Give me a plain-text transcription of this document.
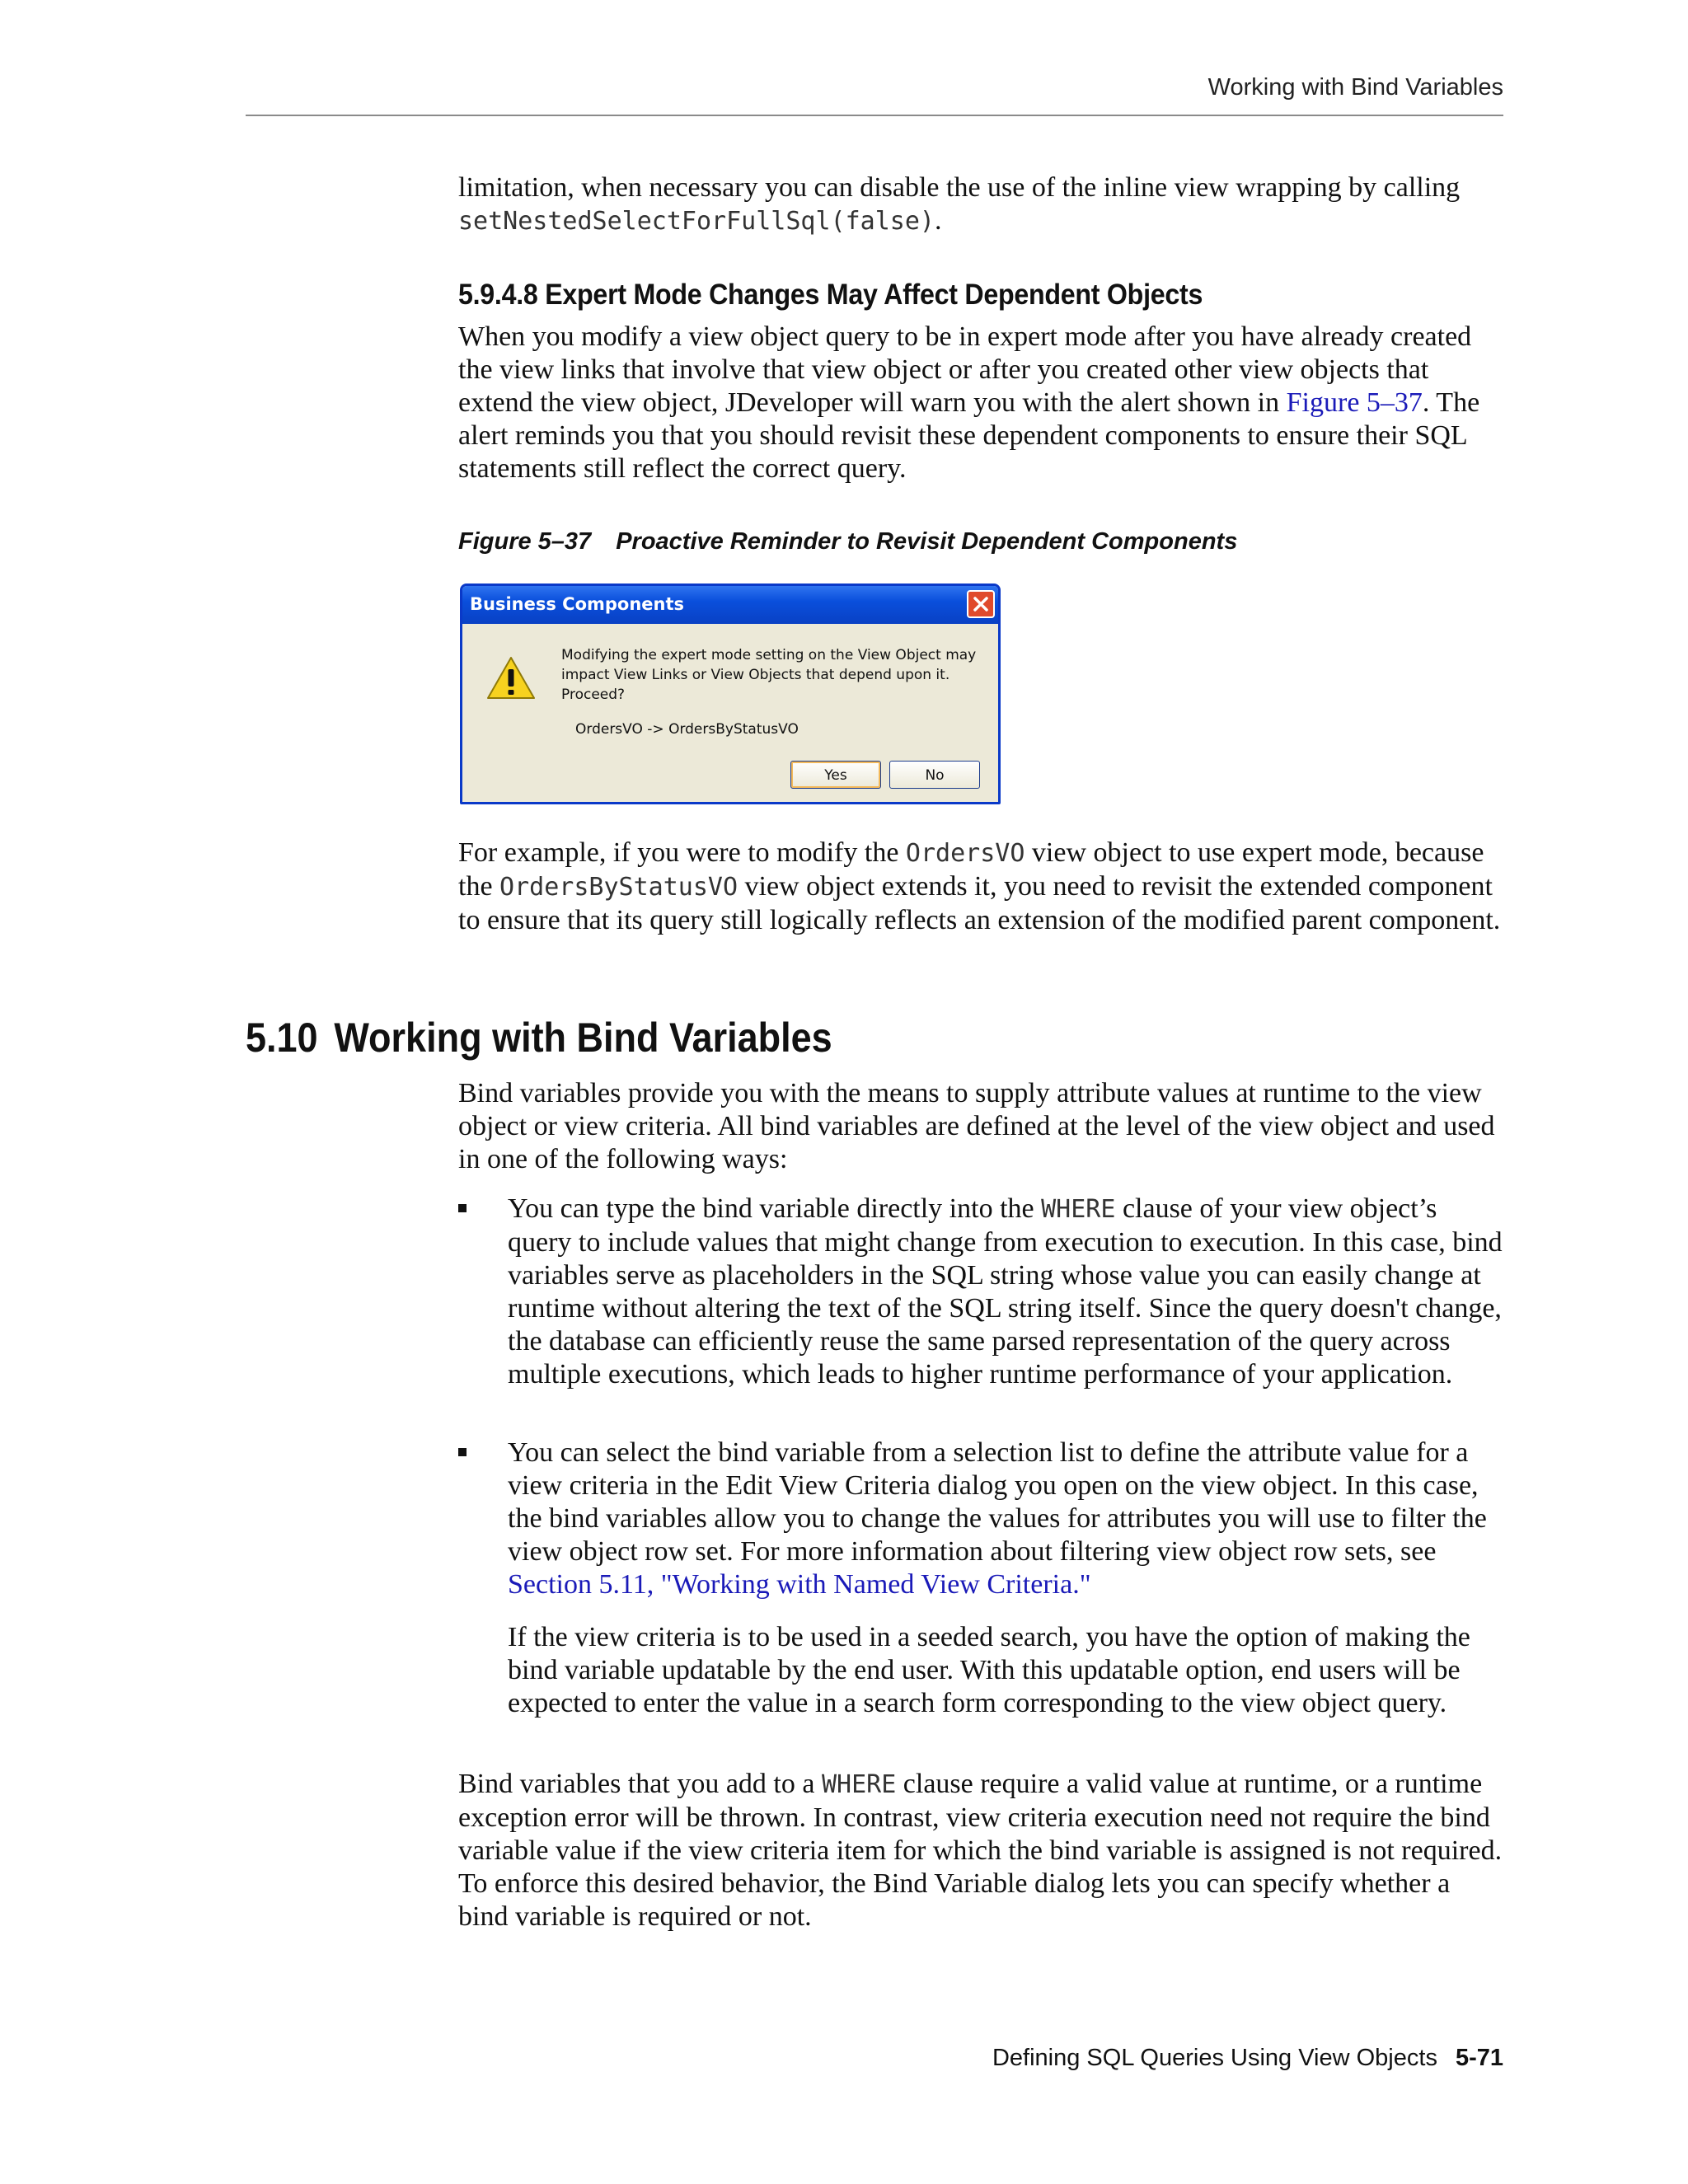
Working with Bind Variables

limitation, when necessary you can disable the use of the inline view wrapping by calling setNestedSelectForFullSql(false).

5.9.4.8 Expert Mode Changes May Affect Dependent Objects

When you modify a view object query to be in expert mode after you have already created the view links that involve that view object or after you created other view objects that extend the view object, JDeveloper will warn you with the alert shown in Figure 5–37. The alert reminds you that you should revisit these dependent components to ensure their SQL statements still reflect the correct query.

Figure 5–37 Proactive Reminder to Revisit Dependent Components
Business Components
Modifying the expert mode setting on the View Object may
impact View Links or View Objects that depend upon it.
Proceed?
OrdersVO -> OrdersByStatusVO
Yes	No

For example, if you were to modify the OrdersVO view object to use expert mode, because the OrdersByStatusVO view object extends it, you need to revisit the extended component to ensure that its query still logically reflects an extension of the modified parent component.

5.10 Working with Bind Variables

Bind variables provide you with the means to supply attribute values at runtime to the view object or view criteria. All bind variables are defined at the level of the view object and used in one of the following ways:

You can type the bind variable directly into the WHERE clause of your view object’s query to include values that might change from execution to execution. In this case, bind variables serve as placeholders in the SQL string whose value you can easily change at runtime without altering the text of the SQL string itself. Since the query doesn't change, the database can efficiently reuse the same parsed representation of the query across multiple executions, which leads to higher runtime performance of your application.

You can select the bind variable from a selection list to define the attribute value for a view criteria in the Edit View Criteria dialog you open on the view object. In this case, the bind variables allow you to change the values for attributes you will use to filter the view object row set. For more information about filtering view object row sets, see Section 5.11, "Working with Named View Criteria."

If the view criteria is to be used in a seeded search, you have the option of making the bind variable updatable by the end user. With this updatable option, end users will be expected to enter the value in a search form corresponding to the view object query.

Bind variables that you add to a WHERE clause require a valid value at runtime, or a runtime exception error will be thrown. In contrast, view criteria execution need not require the bind variable value if the view criteria item for which the bind variable is assigned is not required. To enforce this desired behavior, the Bind Variable dialog lets you can specify whether a bind variable is required or not.

Defining SQL Queries Using View Objects 5-71
